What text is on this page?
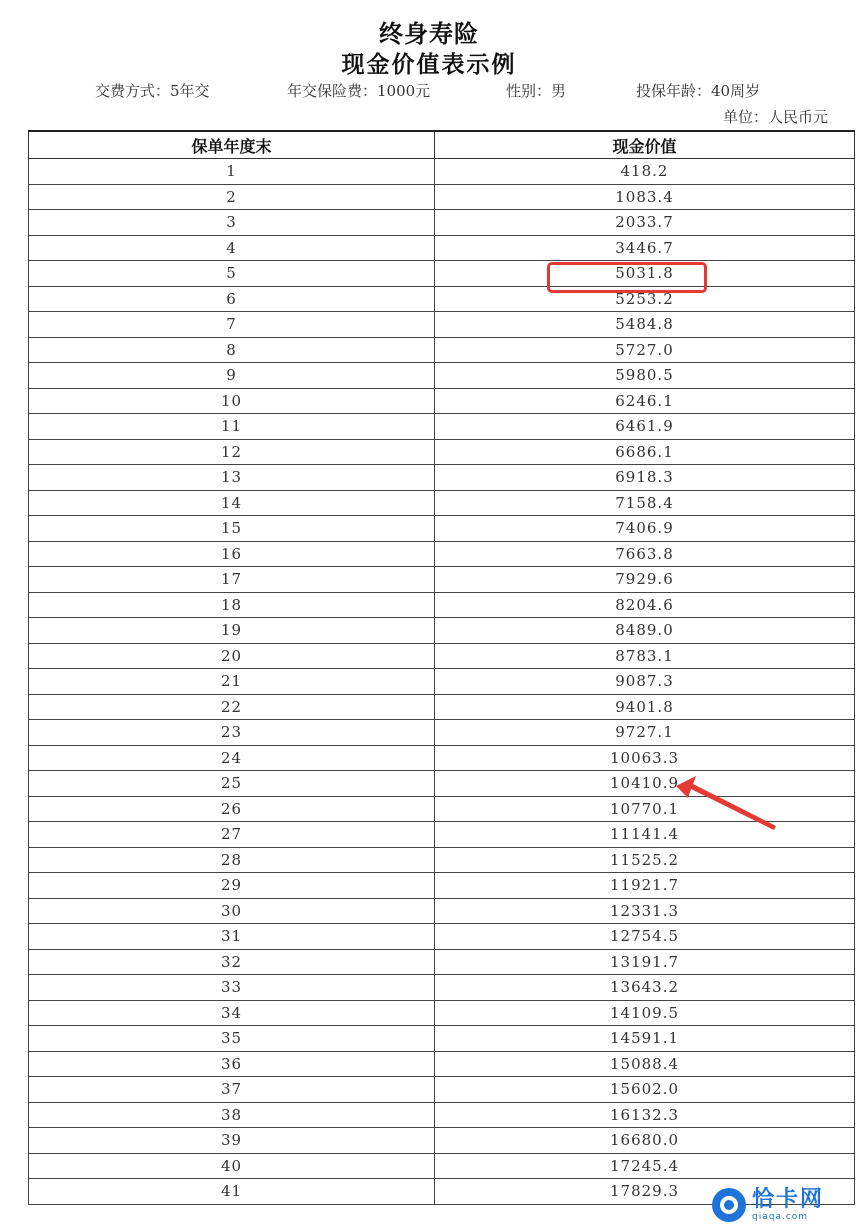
终身寿险
现金价值表示例
交费方式：5年交	年交保险费：1000元	性别：男	投保年龄：40周岁
单位：人民币元
保单年度末	现金价值
1	418.2
2	1083.4
3	2033.7
4	3446.7
5	5031.8
6	5253.2
7	5484.8
8	5727.0
9	5980.5
10	6246.1
11	6461.9
12	6686.1
13	6918.3
14	7158.4
15	7406.9
16	7663.8
17	7929.6
18	8204.6
19	8489.0
20	8783.1
21	9087.3
22	9401.8
23	9727.1
24	10063.3
25	10410.9
26	10770.1
27	11141.4
28	11525.2
29	11921.7
30	12331.3
31	12754.5
32	13191.7
33	13643.2
34	14109.5
35	14591.1
36	15088.4
37	15602.0
38	16132.3
39	16680.0
40	17245.4
41	17829.3	恰卡网
qiaqa.com
